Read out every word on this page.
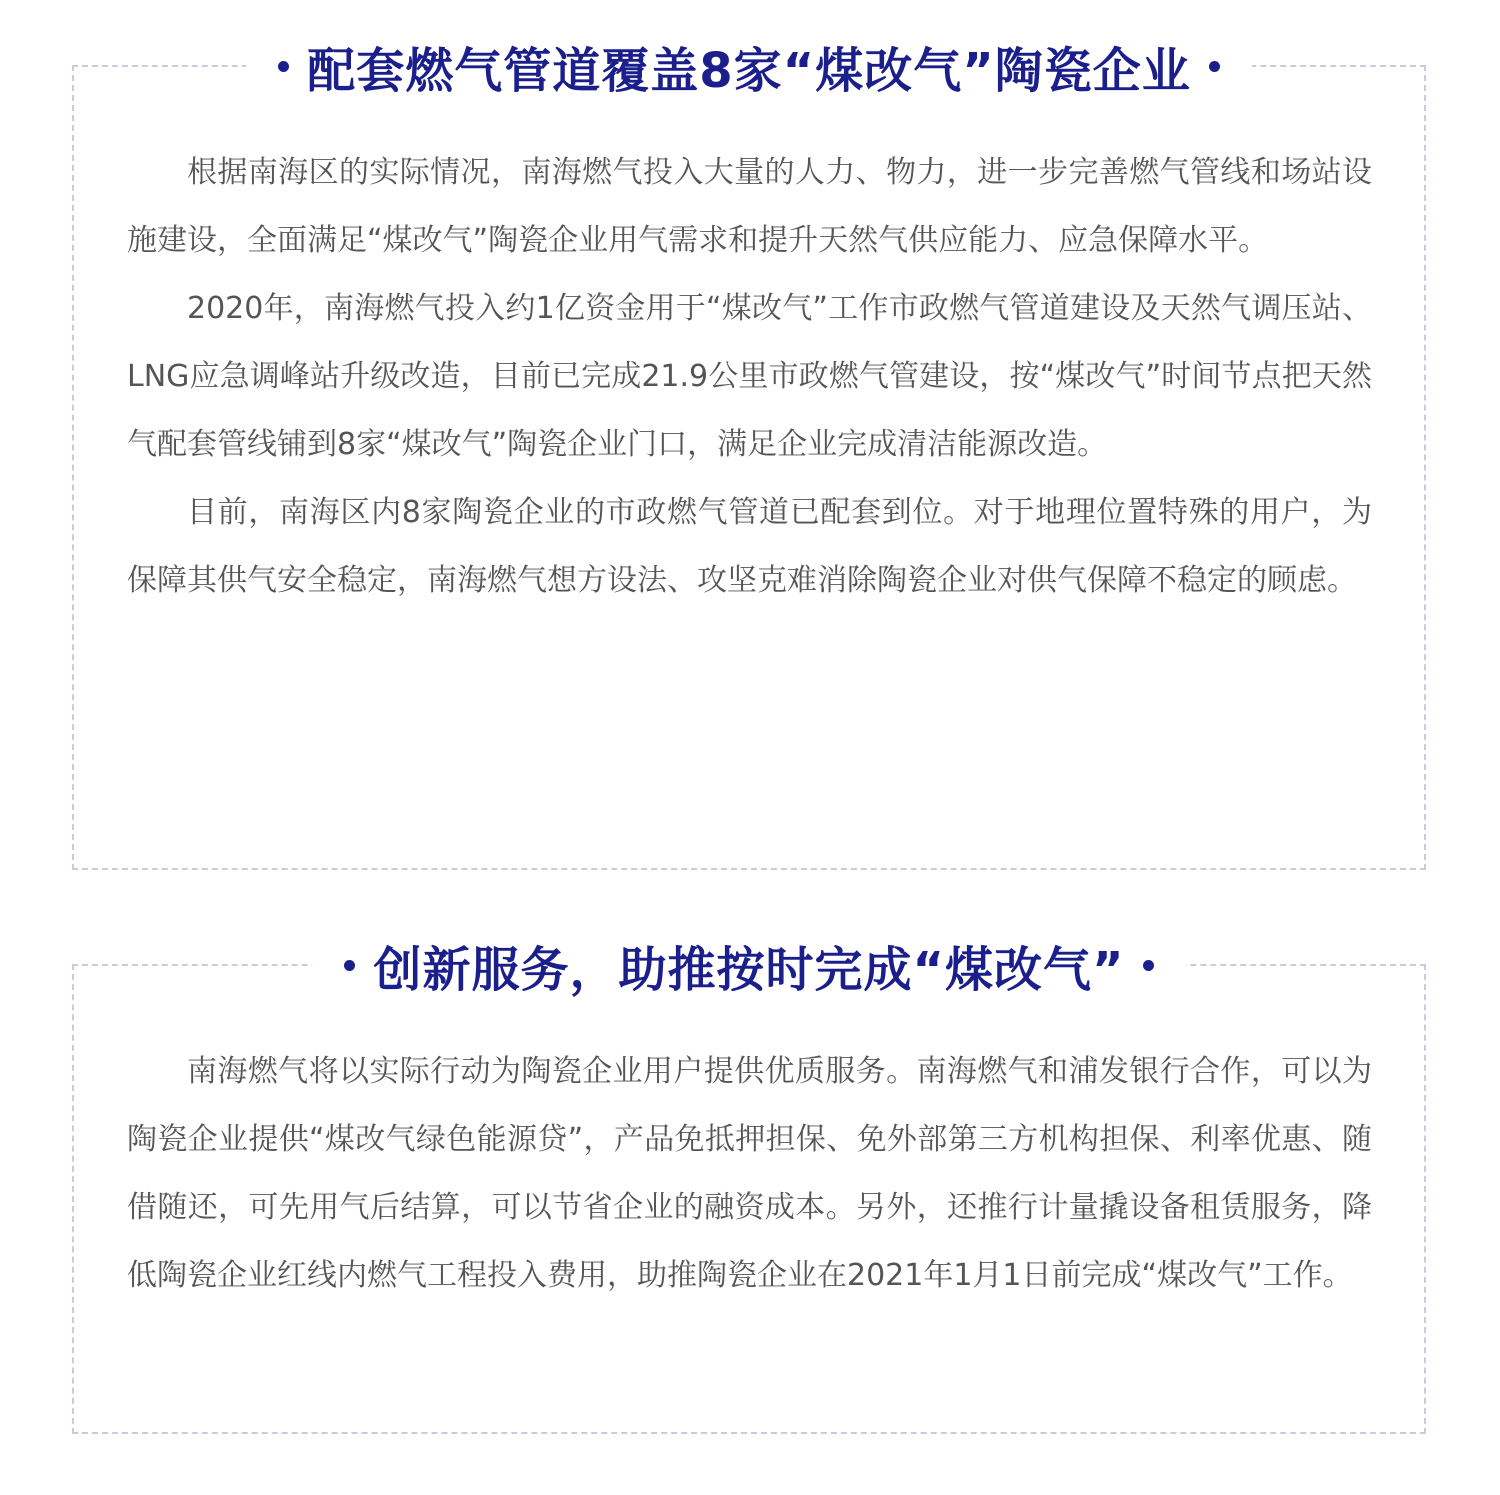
配套燃气管道覆盖8家“煤改气”陶瓷企业

根据南海区的实际情况，南海燃气投入大量的人力、物力，进一步完善燃气管线和场站设施建设，全面满足“煤改气”陶瓷企业用气需求和提升天然气供应能力、应急保障水平。

2020年，南海燃气投入约1亿资金用于“煤改气”工作市政燃气管道建设及天然气调压站、LNG应急调峰站升级改造，目前已完成21.9公里市政燃气管建设，按“煤改气”时间节点把天然气配套管线铺到8家“煤改气”陶瓷企业门口，满足企业完成清洁能源改造。

目前，南海区内8家陶瓷企业的市政燃气管道已配套到位。对于地理位置特殊的用户，为保障其供气安全稳定，南海燃气想方设法、攻坚克难消除陶瓷企业对供气保障不稳定的顾虑。

创新服务，助推按时完成“煤改气”

南海燃气将以实际行动为陶瓷企业用户提供优质服务。南海燃气和浦发银行合作，可以为陶瓷企业提供“煤改气绿色能源贷”，产品免抵押担保、免外部第三方机构担保、利率优惠、随借随还，可先用气后结算，可以节省企业的融资成本。另外，还推行计量撬设备租赁服务，降低陶瓷企业红线内燃气工程投入费用，助推陶瓷企业在2021年1月1日前完成“煤改气”工作。
